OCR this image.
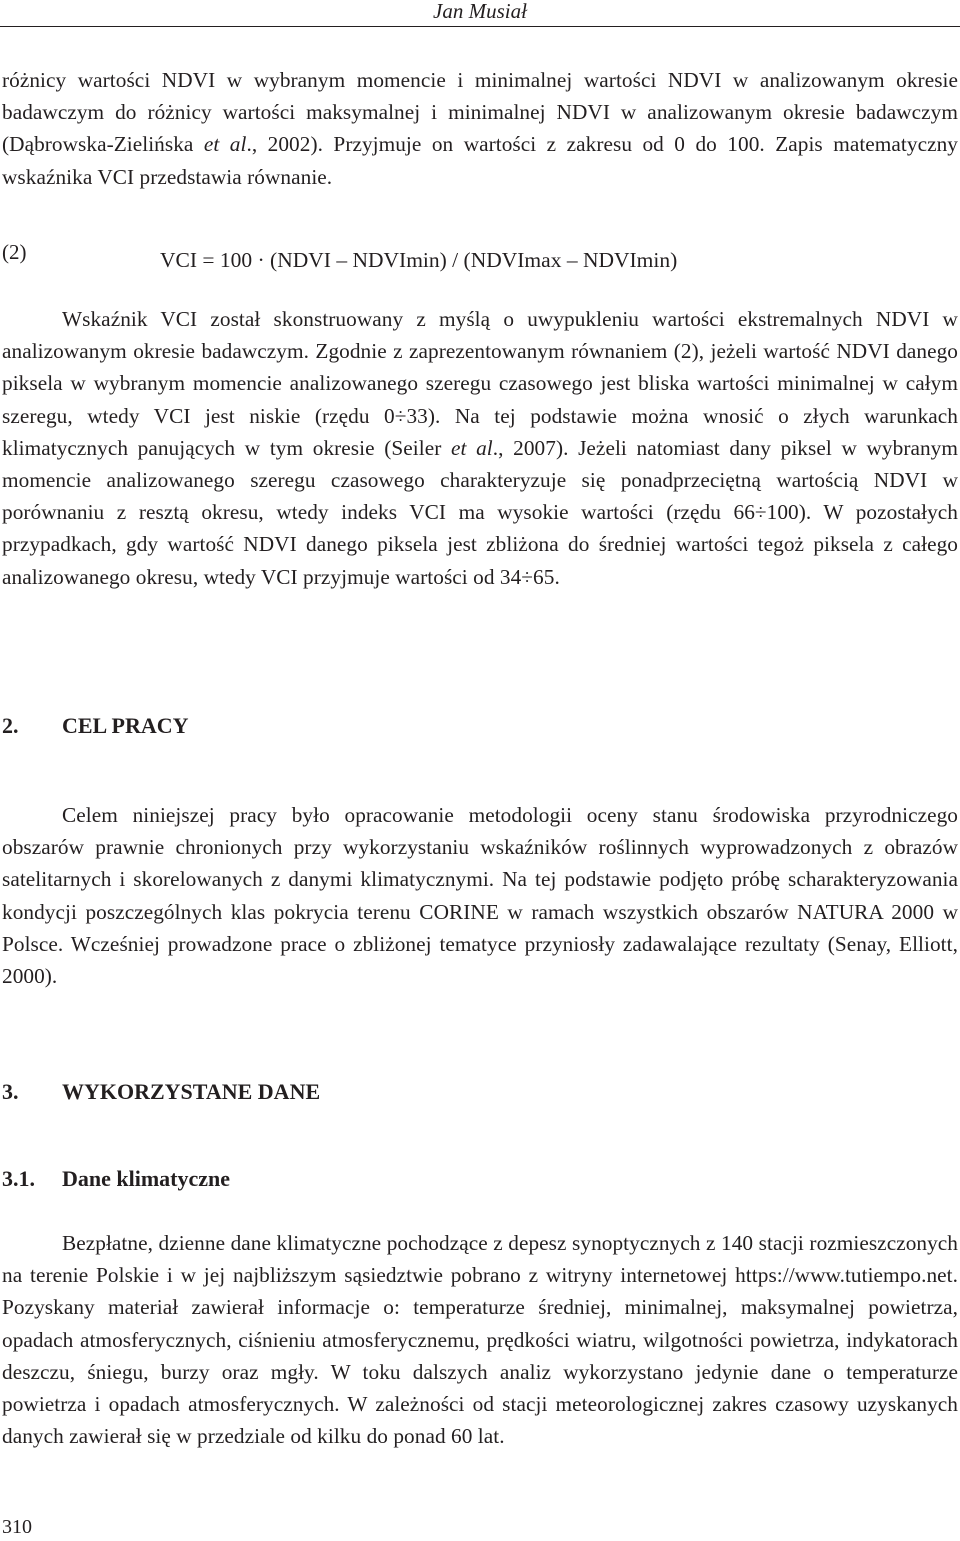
Jan Musiał

różnicy wartości NDVI w wybranym momencie i minimalnej wartości NDVI w analizowanym okresie badawczym do różnicy wartości maksymalnej i minimalnej NDVI w analizowanym okresie badawczym (Dąbrowska-Zielińska et al., 2002). Przyjmuje on wartości z zakresu od 0 do 100. Zapis matematyczny wskaźnika VCI przedstawia równanie.

(2)	VCI = 100 · (NDVI – NDVImin) / (NDVImax – NDVImin)

Wskaźnik VCI został skonstruowany z myślą o uwypukleniu wartości ekstremalnych NDVI w analizowanym okresie badawczym. Zgodnie z zaprezentowanym równaniem (2), jeżeli wartość NDVI danego piksela w wybranym momencie analizowanego szeregu czasowego jest bliska wartości minimalnej w całym szeregu, wtedy VCI jest niskie (rzędu 0÷33). Na tej podstawie można wnosić o złych warunkach klimatycznych panujących w tym okresie (Seiler et al., 2007). Jeżeli natomiast dany piksel w wybranym momencie analizowanego szeregu czasowego charakteryzuje się ponadprzeciętną wartością NDVI w porównaniu z resztą okresu, wtedy indeks VCI ma wysokie wartości (rzędu 66÷100). W pozostałych przypadkach, gdy wartość NDVI danego piksela jest zbliżona do średniej wartości tegoż piksela z całego analizowanego okresu, wtedy VCI przyjmuje wartości od 34÷65.

2. CEL PRACY

Celem niniejszej pracy było opracowanie metodologii oceny stanu środowiska przyrodniczego obszarów prawnie chronionych przy wykorzystaniu wskaźników roślinnych wyprowadzonych z obrazów satelitarnych i skorelowanych z danymi klimatycznymi. Na tej podstawie podjęto próbę scharakteryzowania kondycji poszczególnych klas pokrycia terenu CORINE w ramach wszystkich obszarów NATURA 2000 w Polsce. Wcześniej prowadzone prace o zbliżonej tematyce przyniosły zadawalające rezultaty (Senay, Elliott, 2000).

3. WYKORZYSTANE DANE
3.1. Dane klimatyczne

Bezpłatne, dzienne dane klimatyczne pochodzące z depesz synoptycznych z 140 stacji rozmieszczonych na terenie Polskie i w jej najbliższym sąsiedztwie pobrano z witryny internetowej https://www.tutiempo.net. Pozyskany materiał zawierał informacje o: temperaturze średniej, minimalnej, maksymalnej powietrza, opadach atmosferycznych, ciśnieniu atmosferycznemu, prędkości wiatru, wilgotności powietrza, indykatorach deszczu, śniegu, burzy oraz mgły. W toku dalszych analiz wykorzystano jedynie dane o temperaturze powietrza i opadach atmosferycznych. W zależności od stacji meteorologicznej zakres czasowy uzyskanych danych zawierał się w przedziale od kilku do ponad 60 lat.

310
